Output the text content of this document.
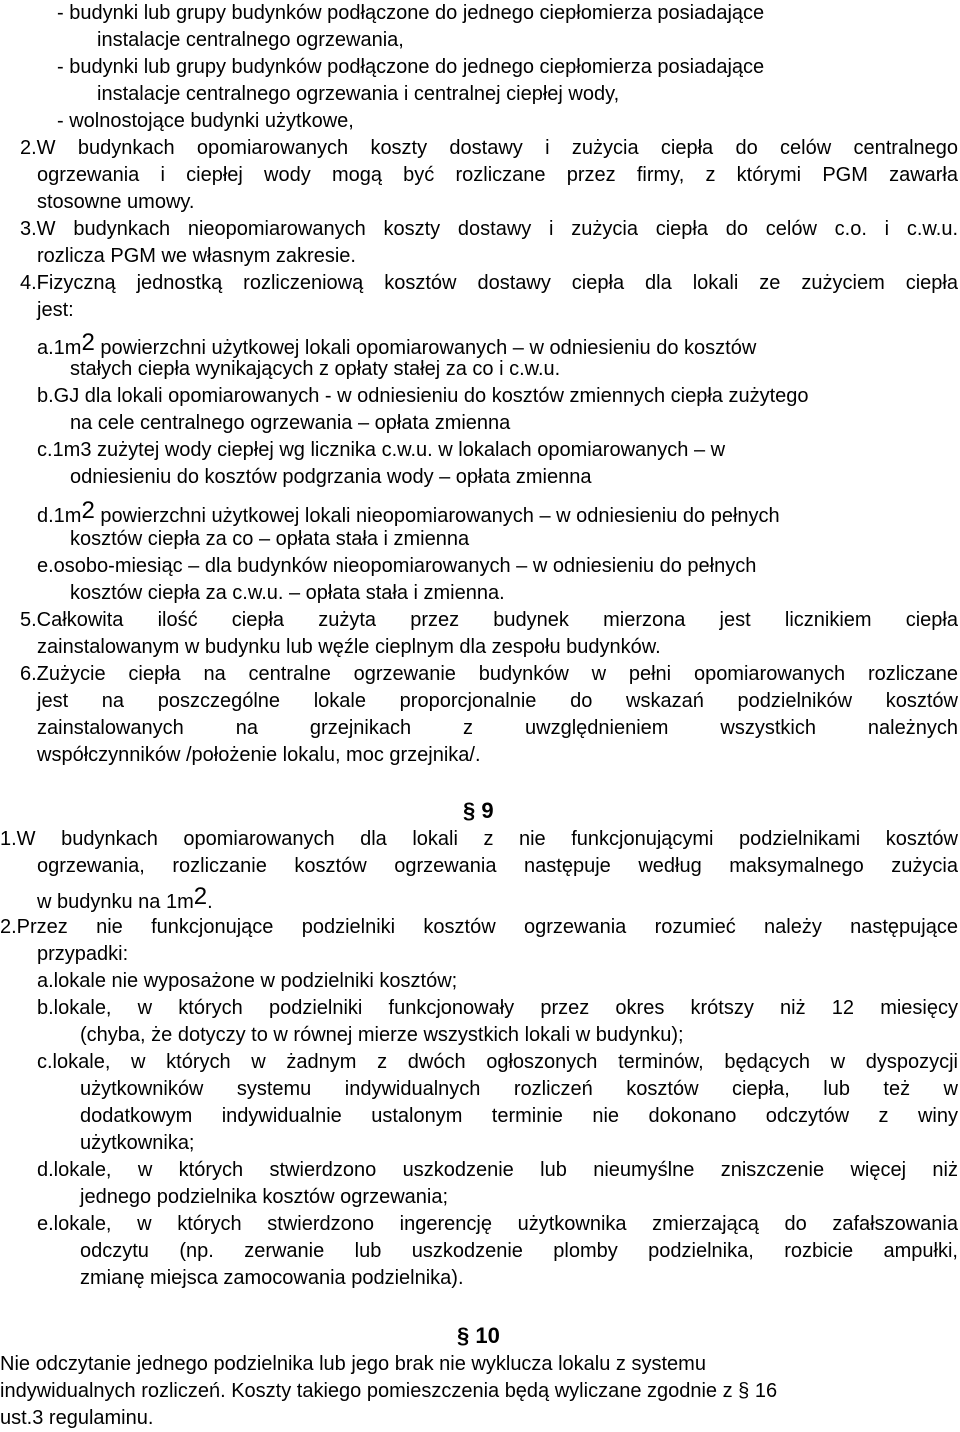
- budynki lub grupy budynków podłączone do jednego ciepłomierza posiadające
instalacje centralnego ogrzewania,
- budynki lub grupy budynków podłączone do jednego ciepłomierza posiadające
instalacje centralnego ogrzewania i centralnej ciepłej wody,
- wolnostojące budynki użytkowe,
2.W budynkach opomiarowanych koszty dostawy i zużycia ciepła do celów centralnego
ogrzewania i ciepłej wody mogą być rozliczane przez firmy, z którymi PGM zawarła
stosowne umowy.
3.W budynkach nieopomiarowanych koszty dostawy i zużycia ciepła do celów c.o. i c.w.u.
rozlicza PGM we własnym zakresie.
4.Fizyczną jednostką rozliczeniową kosztów dostawy ciepła dla lokali ze zużyciem ciepła
jest:
a.1m2 powierzchni użytkowej lokali opomiarowanych – w odniesieniu do kosztów
stałych ciepła wynikających z opłaty stałej za co i c.w.u.
b.GJ dla lokali opomiarowanych - w odniesieniu do kosztów zmiennych ciepła zużytego
na cele centralnego ogrzewania – opłata zmienna
c.1m3 zużytej wody ciepłej wg licznika c.w.u. w lokalach opomiarowanych – w
odniesieniu do kosztów podgrzania wody – opłata zmienna
d.1m2 powierzchni użytkowej lokali nieopomiarowanych – w odniesieniu do pełnych
kosztów ciepła za co – opłata stała i zmienna
e.osobo-miesiąc – dla budynków nieopomiarowanych – w odniesieniu do pełnych
kosztów ciepła za c.w.u. – opłata stała i zmienna.
5.Całkowita ilość ciepła zużyta przez budynek mierzona jest licznikiem ciepła
zainstalowanym w budynku lub węźle cieplnym dla zespołu budynków.
6.Zużycie ciepła na centralne ogrzewanie budynków w pełni opomiarowanych rozliczane
jest na poszczególne lokale proporcjonalnie do wskazań podzielników kosztów
zainstalowanych na grzejnikach z uwzględnieniem wszystkich należnych
współczynników /położenie lokalu, moc grzejnika/.
§ 9
1.W budynkach opomiarowanych dla lokali z nie funkcjonującymi podzielnikami kosztów
ogrzewania, rozliczanie kosztów ogrzewania następuje według maksymalnego zużycia
w budynku na 1m2.
2.Przez nie funkcjonujące podzielniki kosztów ogrzewania rozumieć należy następujące
przypadki:
a.lokale nie wyposażone w podzielniki kosztów;
b.lokale, w których podzielniki funkcjonowały przez okres krótszy niż 12 miesięcy
(chyba, że dotyczy to w równej mierze wszystkich lokali w budynku);
c.lokale, w których w żadnym z dwóch ogłoszonych terminów, będących w dyspozycji
użytkowników systemu indywidualnych rozliczeń kosztów ciepła, lub też w
dodatkowym indywidualnie ustalonym terminie nie dokonano odczytów z winy
użytkownika;
d.lokale, w których stwierdzono uszkodzenie lub nieumyślne zniszczenie więcej niż
jednego podzielnika kosztów ogrzewania;
e.lokale, w których stwierdzono ingerencję użytkownika zmierzającą do zafałszowania
odczytu (np. zerwanie lub uszkodzenie plomby podzielnika, rozbicie ampułki,
zmianę miejsca zamocowania podzielnika).
§ 10
Nie odczytanie jednego podzielnika lub jego brak nie wyklucza lokalu z systemu
indywidualnych rozliczeń. Koszty takiego pomieszczenia będą wyliczane zgodnie z § 16
ust.3 regulaminu.
